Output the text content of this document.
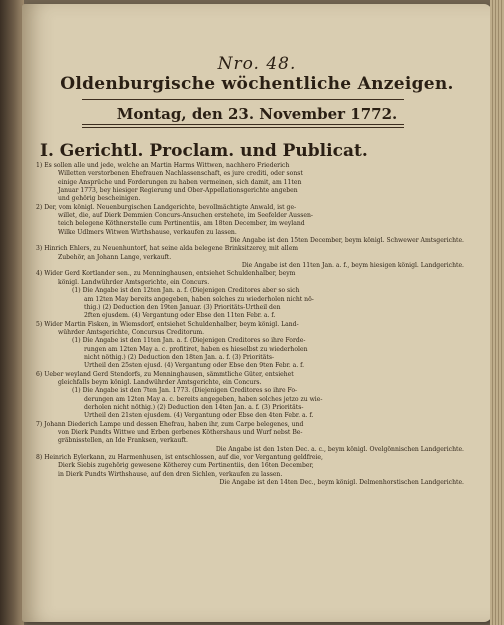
Nro. 48.
Oldenburgische wöchentliche Anzeigen.
Montag, den 23. November 1772.
I. Gerichtl. Proclam. und Publicat.
1) Es sollen alle und jede, welche an Martin Harms Wittwen, nachhero Friederich
Willetten verstorbenen Ehefrauen Nachlassenschaft, es jure crediti, oder sonst
einige Ansprüche und Forderungen zu haben vermeinen, sich damit, am 11ten
Januar 1773, bey hiesiger Regierung und Ober-Appellationsgerichte angeben
und gehörig bescheinigen.
2) Der, vom königl. Neuenburgischen Landgerichte, bevollmächtigte Anwald, ist ge-
willet, die, auf Dierk Demmien Concurs-Ansuchen erstehete, im Seefelder Aussen-
teich belegene Köthnerstelle cum Pertinentiis, am 18ten December, im weyland
Wilke Udlmers Witwen Wirthshause, verkaufen zu lassen.
Die Angabe ist den 15ten December, beym königl. Schwewer Amtsgerichte.
3) Hinrich Ehlers, zu Neuenhuntorf, hat seine alda belegene Brinksitzerey, mit allem
Zubehör, an Johann Lange, verkauft.
Die Angabe ist den 11ten Jan. a. f., beym hiesigen königl. Landgerichte.
4) Wider Gerd Kortlander sen., zu Menninghausen, entsiehet Schuldenhalber, beym
königl. Landwührder Amtsgerichte, ein Concurs.
(1) Die Angabe ist den 12ten Jan. a. f. (Diejenigen Creditores aber so sich
am 12ten May bereits angegeben, haben solches zu wiederholen nicht nö-
thig.) (2) Deduction den 19ten Januar. (3) Prioritäts-Urtheil den
2ften ejusdem. (4) Vergantung oder Ebse den 11ten Febr. a. f.
5) Wider Martin Fisken, in Wiemsdorf, entsiehet Schuldenhalber, beym königl. Land-
wührder Amtsgerichte, Concursus Creditorum.
(1) Die Angabe ist den 11ten Jan. a. f. (Diejenigen Creditores so ihre Forde-
rungen am 12ten May a. c. profitiret, haben es hieselbst zu wiederholen
nicht nöthig.) (2) Deduction den 18ten Jan. a. f. (3) Prioritäts-
Urtheil den 25sten ejusd. (4) Vergantung oder Ebse den 9ten Febr. a. f.
6) Ueber weyland Gerd Stendorfs, zu Menninghausen, sämmtliche Güter, entsiehet
gleichfalls beym königl. Landwührder Amtsgerichte, ein Concurs.
(1) Die Angabe ist den 7ten Jan. 1773. (Diejenigen Creditores so ihre Fo-
derungen am 12ten May a. c. bereits angegeben, haben solches jetzo zu wie-
derholen nicht nöthig.) (2) Deduction den 14ten Jan. a. f. (3) Prioritäts-
Urtheil den 21sten ejusdem. (4) Vergantung oder Ebse den 4ten Febr. a. f.
7) Johann Diederich Lampe und dessen Ehefrau, haben ihr, zum Carpe belegenes, und
von Dierk Pundts Wittwe und Erben gerbenes Köthershaus und Wurf nebst Be-
gräbnisstellen, an Ide Franksen, verkauft.
Die Angabe ist den 1sten Dec. a. c., beym königl. Ovelgönnischen Landgerichte.
8) Heinrich Eylerkann, zu Harmenhusen, ist entschlossen, auf die, vor Vergantung geldfreie,
Dierk Siebis zugehörig gewesene Kötherey cum Pertinentiis, den 16ten December,
in Dierk Pundts Wirthshause, auf den dren Sichlen, verkaufen zu lassen.
Die Angabe ist den 14ten Dec., beym königl. Delmenhorstischen Landgerichte.
